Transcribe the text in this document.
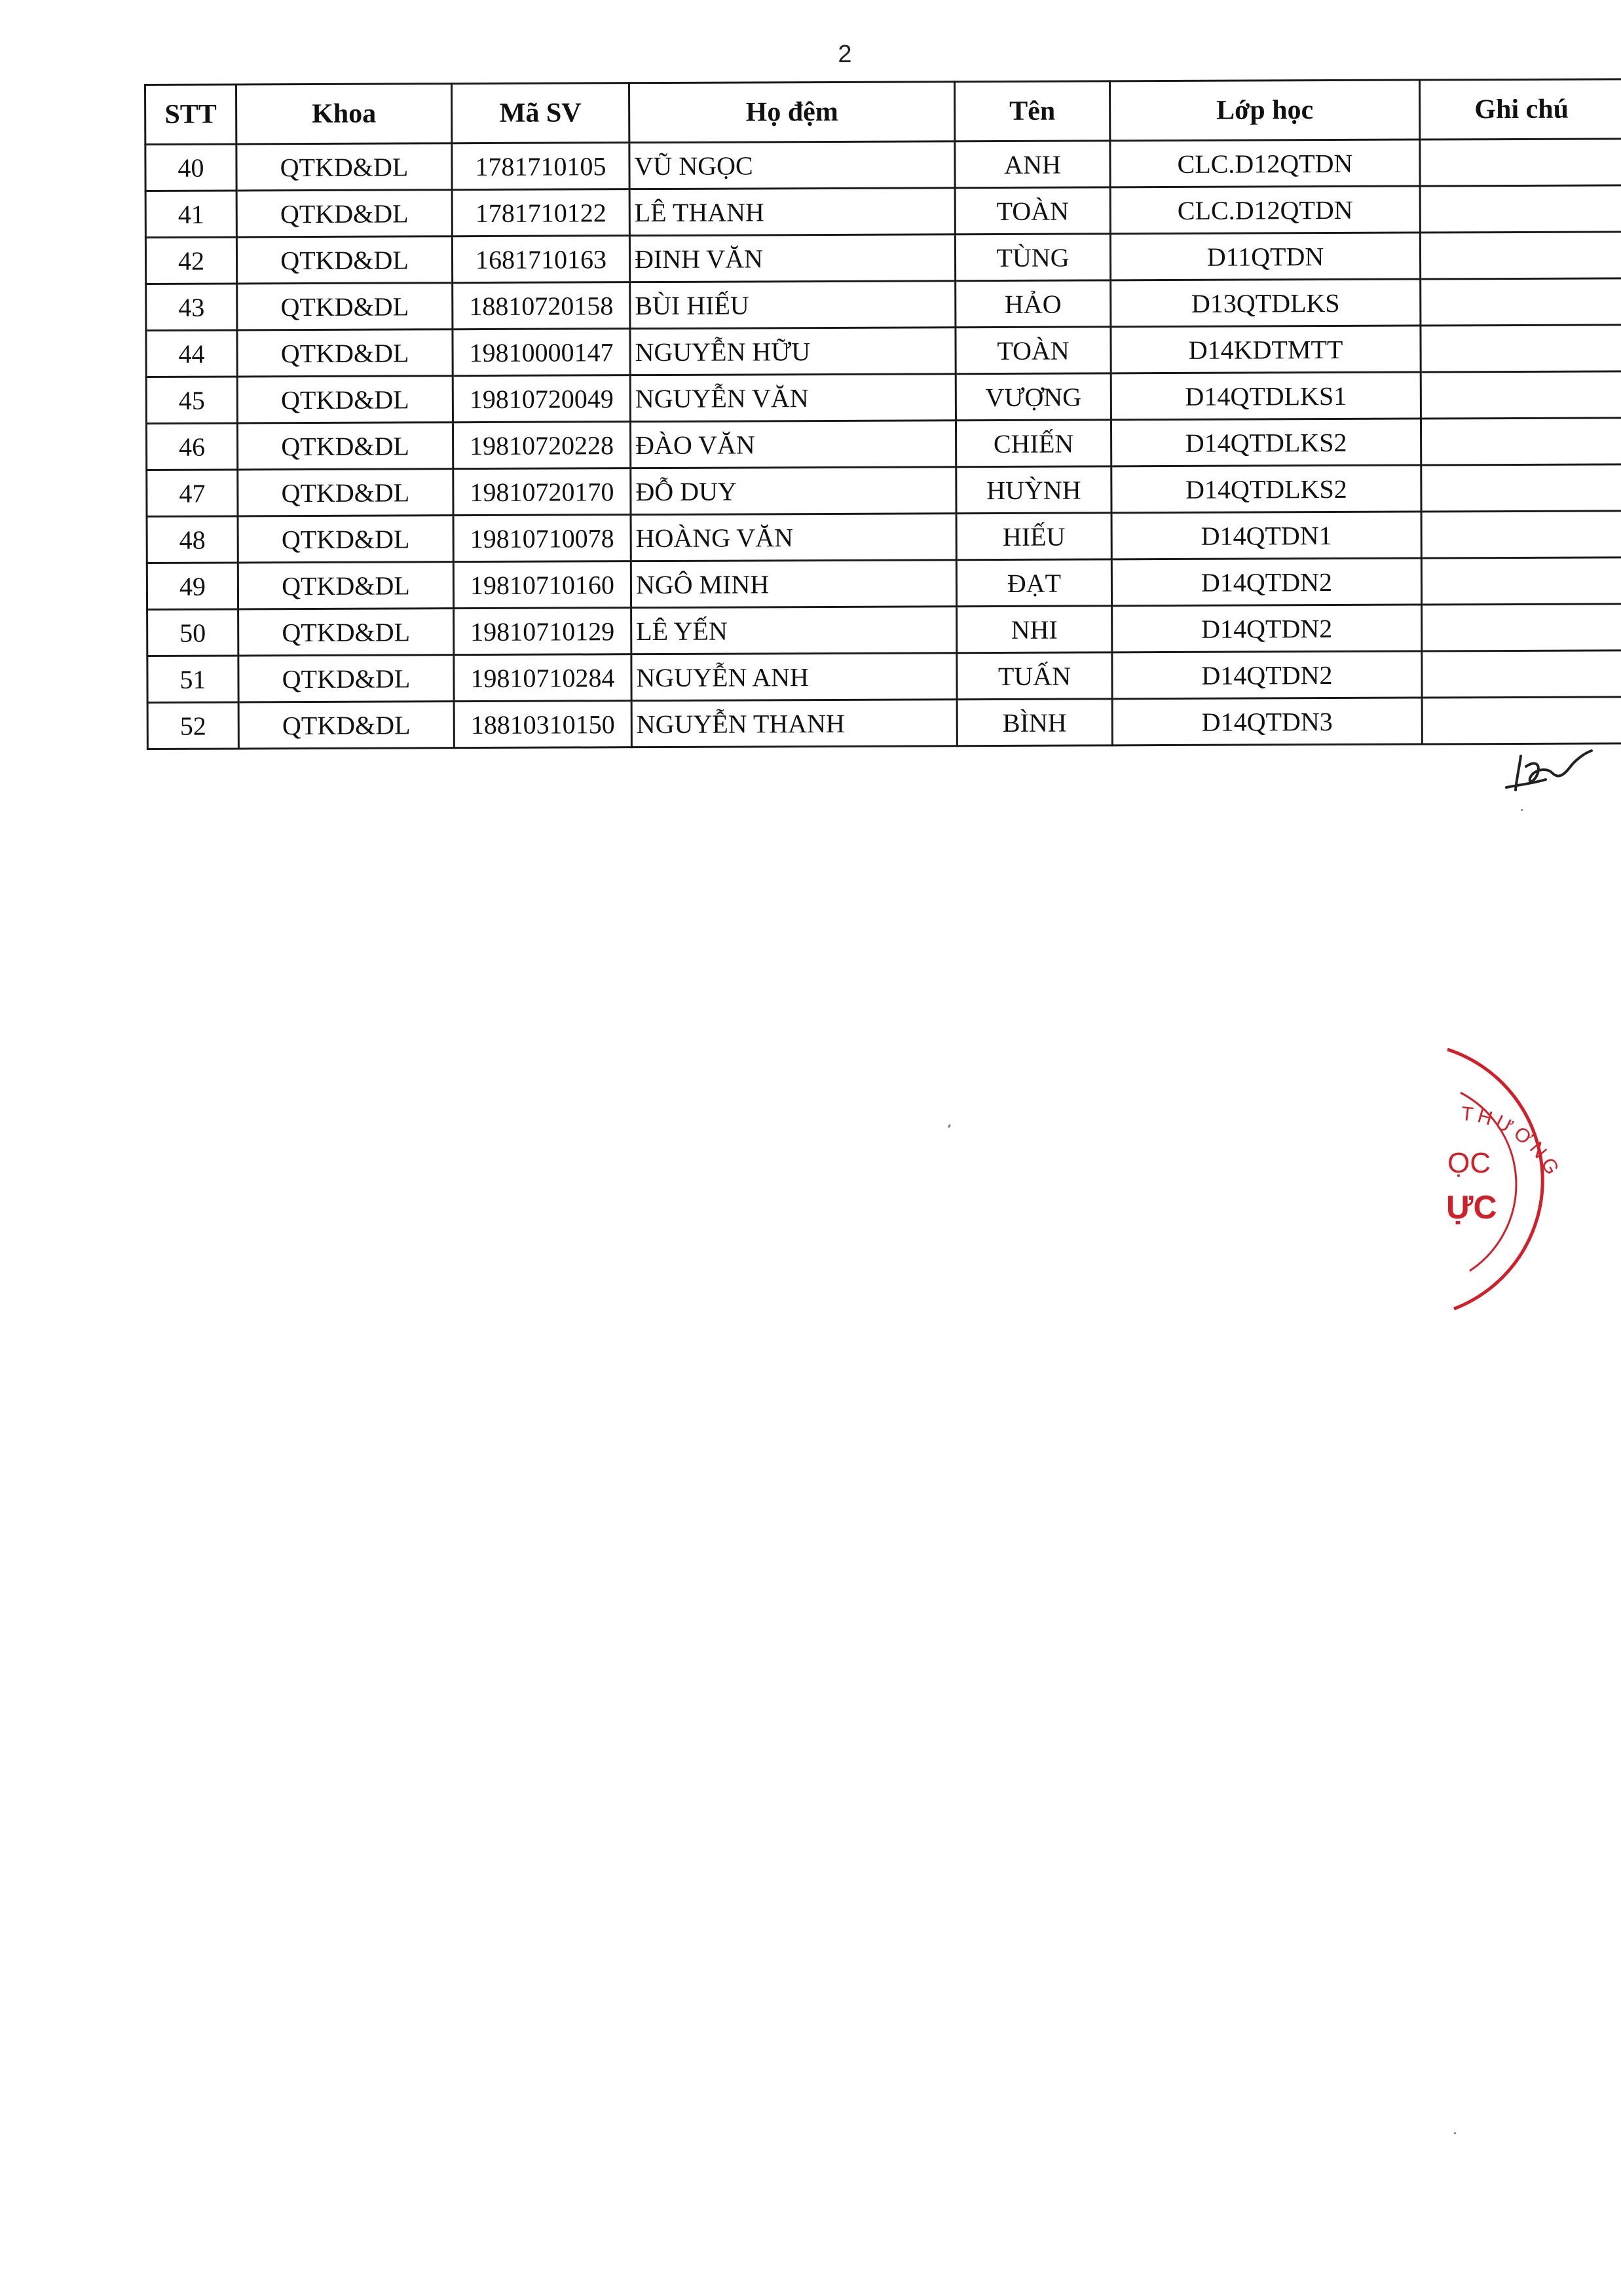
2
STT	Khoa	Mã SV	Họ đệm	Tên	Lớp học	Ghi chú
40	QTKD&DL	1781710105	VŨ NGỌC	ANH	CLC.D12QTDN	
41	QTKD&DL	1781710122	LÊ THANH	TOÀN	CLC.D12QTDN	
42	QTKD&DL	1681710163	ĐINH VĂN	TÙNG	D11QTDN	
43	QTKD&DL	18810720158	BÙI HIẾU	HẢO	D13QTDLKS	
44	QTKD&DL	19810000147	NGUYỄN HỮU	TOÀN	D14KDTMTT	
45	QTKD&DL	19810720049	NGUYỄN VĂN	VƯỢNG	D14QTDLKS1	
46	QTKD&DL	19810720228	ĐÀO VĂN	CHIẾN	D14QTDLKS2	
47	QTKD&DL	19810720170	ĐỖ DUY	HUỲNH	D14QTDLKS2	
48	QTKD&DL	19810710078	HOÀNG VĂN	HIẾU	D14QTDN1	
49	QTKD&DL	19810710160	NGÔ MINH	ĐẠT	D14QTDN2	
50	QTKD&DL	19810710129	LÊ YẾN	NHI	D14QTDN2	
51	QTKD&DL	19810710284	NGUYỄN ANH	TUẤN	D14QTDN2	
52	QTKD&DL	18810310150	NGUYỄN THANH	BÌNH	D14QTDN3	
THƯƠNG
ỌC
ỰC
